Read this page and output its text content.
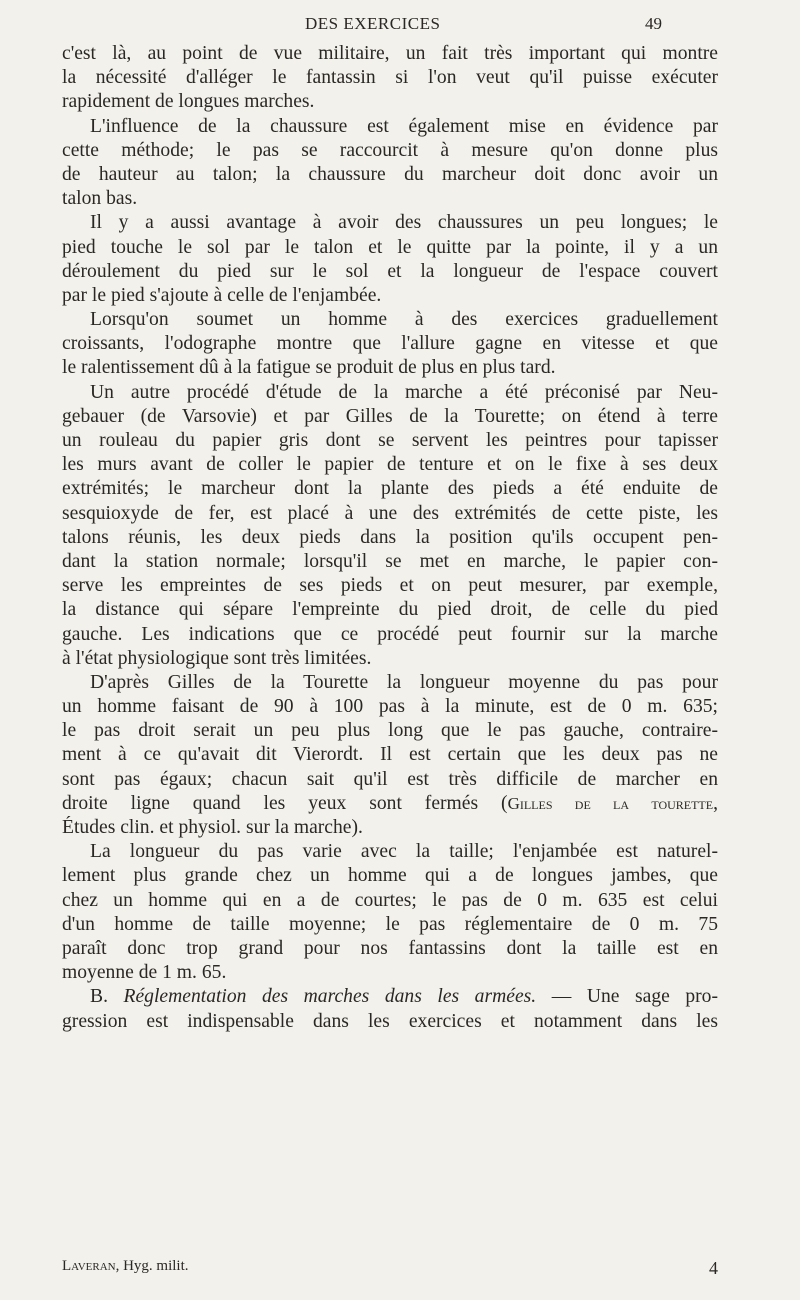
DES EXERCICES	49
c'est là, au point de vue militaire, un fait très important qui montre
la nécessité d'alléger le fantassin si l'on veut qu'il puisse exécuter
rapidement de longues marches.
L'influence de la chaussure est également mise en évidence par
cette méthode; le pas se raccourcit à mesure qu'on donne plus
de hauteur au talon; la chaussure du marcheur doit donc avoir un
talon bas.
Il y a aussi avantage à avoir des chaussures un peu longues; le
pied touche le sol par le talon et le quitte par la pointe, il y a un
déroulement du pied sur le sol et la longueur de l'espace couvert
par le pied s'ajoute à celle de l'enjambée.
Lorsqu'on soumet un homme à des exercices graduellement
croissants, l'odographe montre que l'allure gagne en vitesse et que
le ralentissement dû à la fatigue se produit de plus en plus tard.
Un autre procédé d'étude de la marche a été préconisé par Neu-
gebauer (de Varsovie) et par Gilles de la Tourette; on étend à terre
un rouleau du papier gris dont se servent les peintres pour tapisser
les murs avant de coller le papier de tenture et on le fixe à ses deux
extrémités; le marcheur dont la plante des pieds a été enduite de
sesquioxyde de fer, est placé à une des extrémités de cette piste, les
talons réunis, les deux pieds dans la position qu'ils occupent pen-
dant la station normale; lorsqu'il se met en marche, le papier con-
serve les empreintes de ses pieds et on peut mesurer, par exemple,
la distance qui sépare l'empreinte du pied droit, de celle du pied
gauche. Les indications que ce procédé peut fournir sur la marche
à l'état physiologique sont très limitées.
D'après Gilles de la Tourette la longueur moyenne du pas pour
un homme faisant de 90 à 100 pas à la minute, est de 0 m. 635;
le pas droit serait un peu plus long que le pas gauche, contraire-
ment à ce qu'avait dit Vierordt. Il est certain que les deux pas ne
sont pas égaux; chacun sait qu'il est très difficile de marcher en
droite ligne quand les yeux sont fermés (Gilles de la tourette,
Études clin. et physiol. sur la marche).
La longueur du pas varie avec la taille; l'enjambée est naturel-
lement plus grande chez un homme qui a de longues jambes, que
chez un homme qui en a de courtes; le pas de 0 m. 635 est celui
d'un homme de taille moyenne; le pas réglementaire de 0 m. 75
paraît donc trop grand pour nos fantassins dont la taille est en
moyenne de 1 m. 65.
B. Réglementation des marches dans les armées. — Une sage pro-
gression est indispensable dans les exercices et notamment dans les
Laveran, Hyg. milit.	4
